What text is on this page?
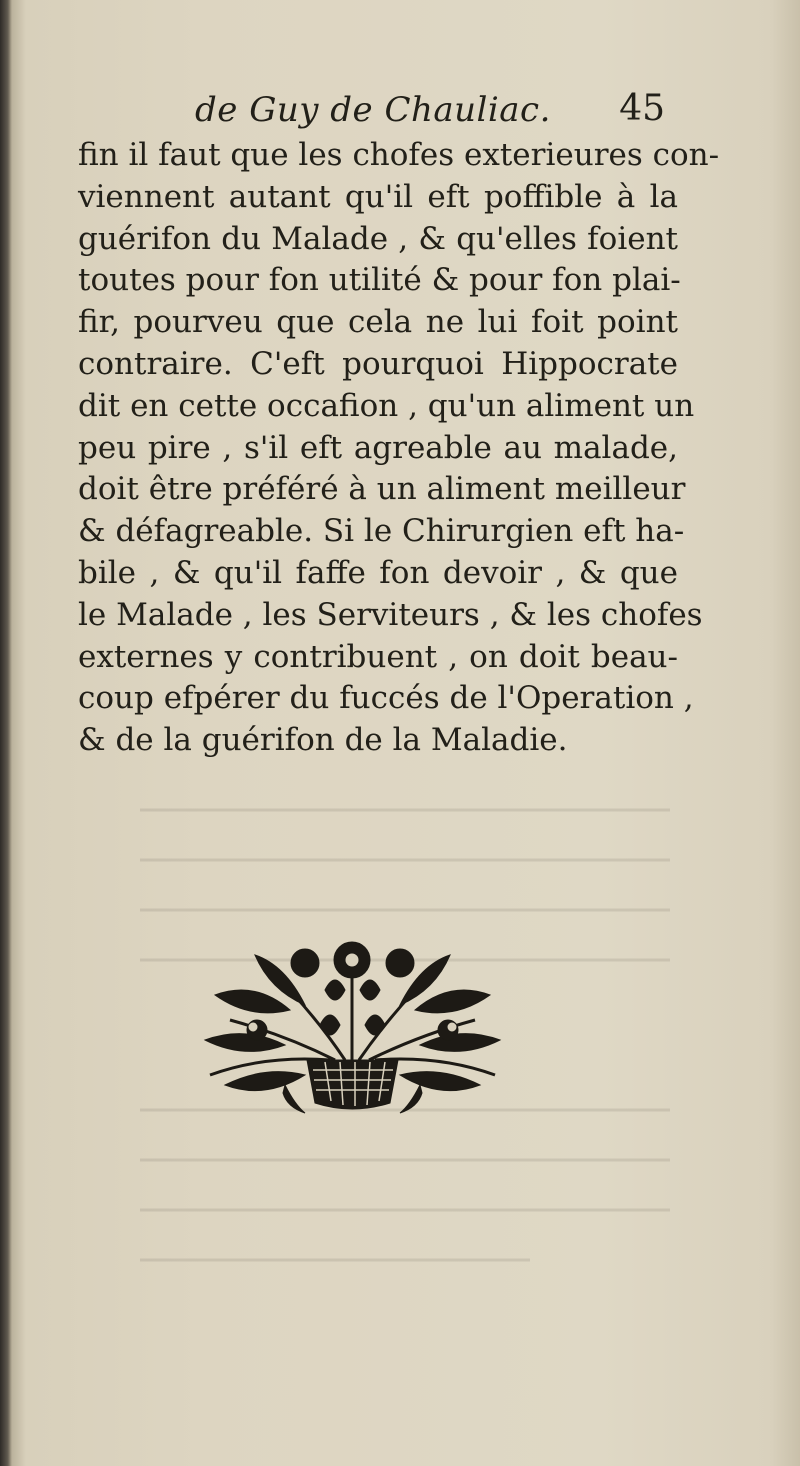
de Guy de Chauliac. 45
fin il faut que les chofes exterieures con-
viennent autant qu'il eft poffible à la
guérifon du Malade , & qu'elles foient
toutes pour fon utilité & pour fon plai-
fir, pourveu que cela ne lui foit point
contraire. C'eft pourquoi Hippocrate
dit en cette occafion , qu'un aliment un
peu pire , s'il eft agreable au malade,
doit être préféré à un aliment meilleur
& défagreable. Si le Chirurgien eft ha-
bile , & qu'il faffe fon devoir , & que
le Malade , les Serviteurs , & les chofes
externes y contribuent , on doit beau-
coup efpérer du fuccés de l'Operation ,
& de la guérifon de la Maladie.
